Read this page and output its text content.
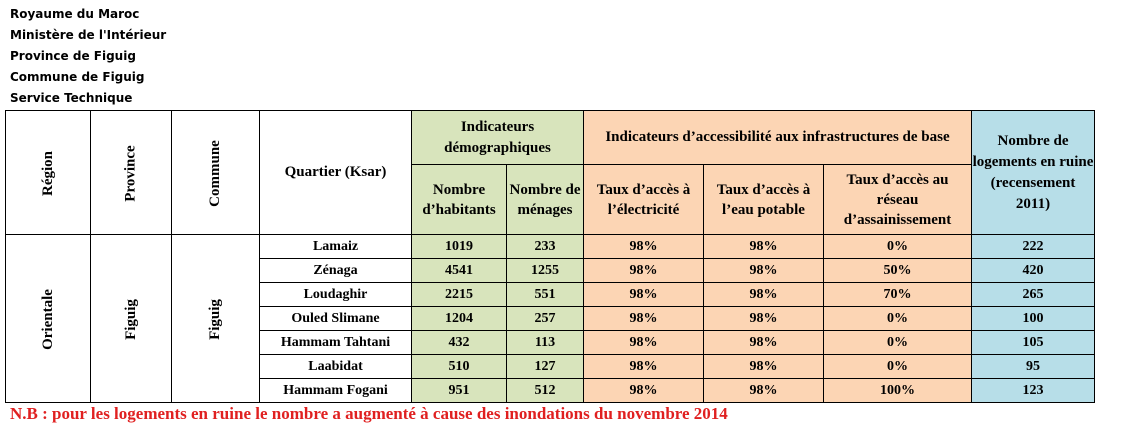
Royaume du Maroc
Ministère de l'Intérieur
Province de Figuig
Commune de Figuig
Service Technique
Région	Province	Commune	Quartier (Ksar)	Indicateurs démographiques		Indicateurs d’accessibilité aux infrastructures de base			Nombre de logements en ruine (recensement 2011)
				Nombre d’habitants	Nombre de ménages	Taux d’accès à l’électricité	Taux d’accès à l’eau potable	Taux d’accès au réseau d’assainissement	
Orientale	Figuig	Figuig	Lamaiz	1019	233	98%	98%	0%	222
			Zénaga	4541	1255	98%	98%	50%	420
			Loudaghir	2215	551	98%	98%	70%	265
			Ouled Slimane	1204	257	98%	98%	0%	100
			Hammam Tahtani	432	113	98%	98%	0%	105
			Laabidat	510	127	98%	98%	0%	95
			Hammam Fogani	951	512	98%	98%	100%	123
N.B : pour les logements en ruine le nombre a augmenté à cause des inondations du novembre 2014
